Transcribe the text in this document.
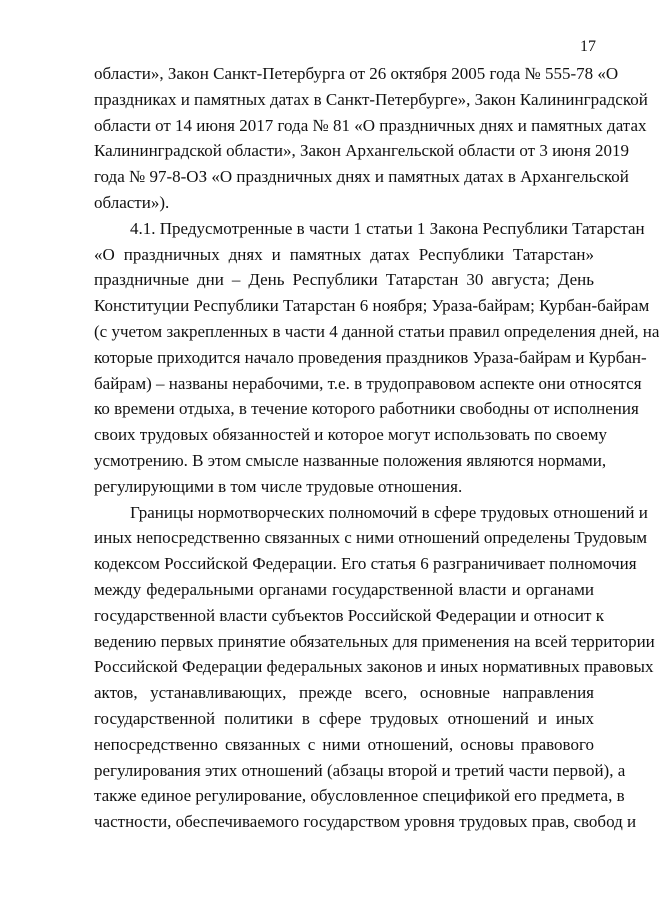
17
области», Закон Санкт-Петербурга от 26 октября 2005 года № 555-78 «О
праздниках и памятных датах в Санкт-Петербурге», Закон Калининградской
области от 14 июня 2017 года № 81 «О праздничных днях и памятных датах
Калининградской области», Закон Архангельской области от 3 июня 2019
года № 97-8-ОЗ «О праздничных днях и памятных датах в Архангельской
области»).
4.1. Предусмотренные в части 1 статьи 1 Закона Республики Татарстан
«О праздничных днях и памятных датах Республики Татарстан»
праздничные дни – День Республики Татарстан 30 августа; День
Конституции Республики Татарстан 6 ноября; Ураза-байрам; Курбан-байрам
(с учетом закрепленных в части 4 данной статьи правил определения дней, на
которые приходится начало проведения праздников Ураза-байрам и Курбан-
байрам) – названы нерабочими, т.е. в трудоправовом аспекте они относятся
ко времени отдыха, в течение которого работники свободны от исполнения
своих трудовых обязанностей и которое могут использовать по своему
усмотрению. В этом смысле названные положения являются нормами,
регулирующими в том числе трудовые отношения.
Границы нормотворческих полномочий в сфере трудовых отношений и
иных непосредственно связанных с ними отношений определены Трудовым
кодексом Российской Федерации. Его статья 6 разграничивает полномочия
между федеральными органами государственной власти и органами
государственной власти субъектов Российской Федерации и относит к
ведению первых принятие обязательных для применения на всей территории
Российской Федерации федеральных законов и иных нормативных правовых
актов, устанавливающих, прежде всего, основные направления
государственной политики в сфере трудовых отношений и иных
непосредственно связанных с ними отношений, основы правового
регулирования этих отношений (абзацы второй и третий части первой), а
также единое регулирование, обусловленное спецификой его предмета, в
частности, обеспечиваемого государством уровня трудовых прав, свобод и
